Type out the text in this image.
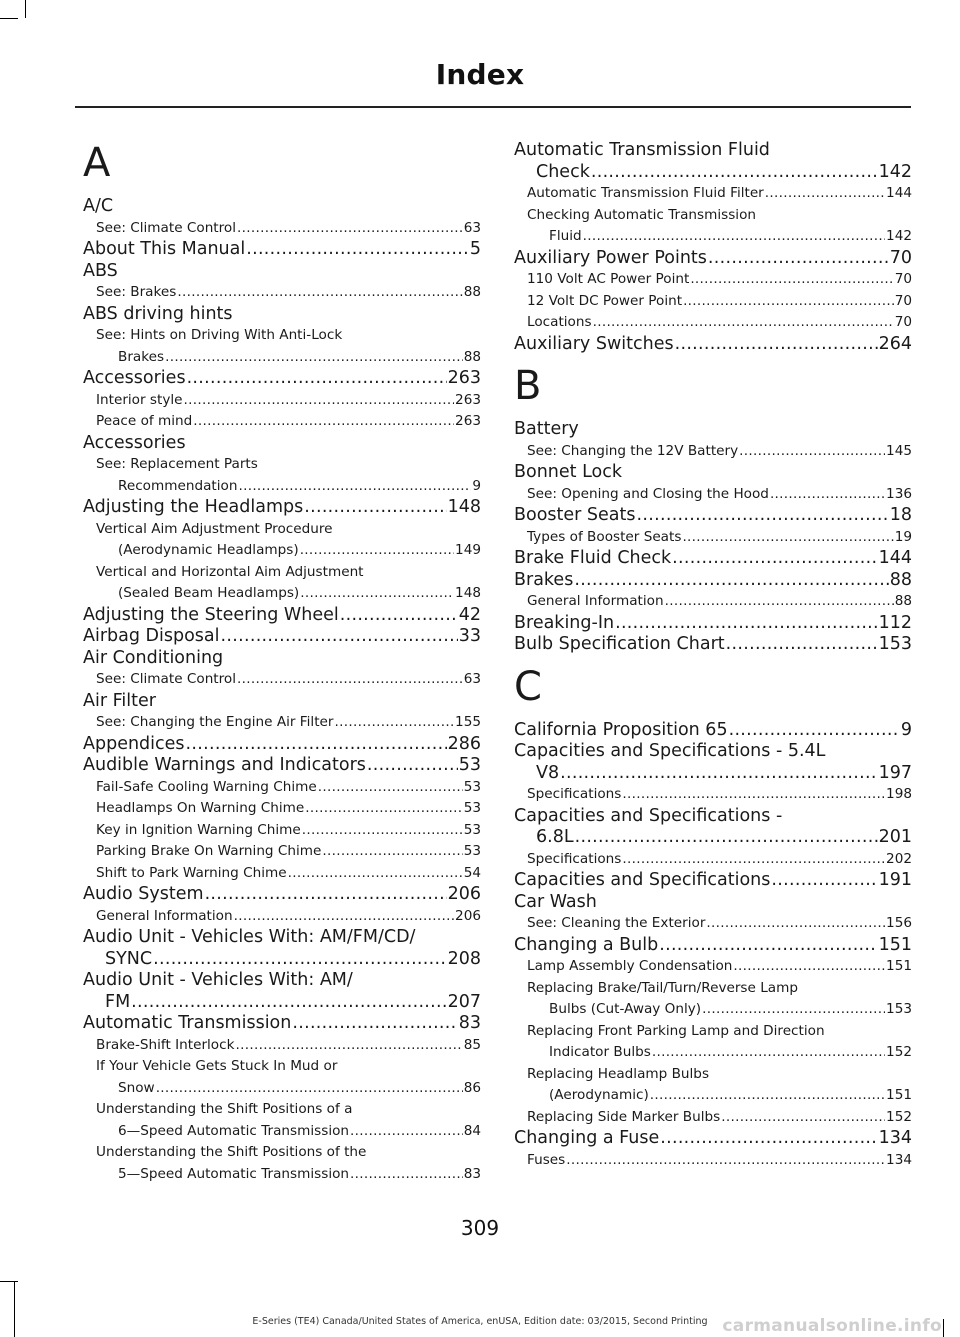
Index
A
A/C
See: Climate Control .....	63
About This Manual .....	5
ABS
See: Brakes .....	88
ABS driving hints
See: Hints on Driving With Anti-Lock
Brakes .....	88
Accessories .....	263
Interior style .....	263
Peace of mind .....	263
Accessories
See: Replacement Parts
Recommendation .....	9
Adjusting the Headlamps .....	148
Vertical Aim Adjustment Procedure
(Aerodynamic Headlamps) .....	149
Vertical and Horizontal Aim Adjustment
(Sealed Beam Headlamps) .....	148
Adjusting the Steering Wheel .....	42
Airbag Disposal .....	33
Air Conditioning
See: Climate Control .....	63
Air Filter
See: Changing the Engine Air Filter .....	155
Appendices .....	286
Audible Warnings and Indicators .....	53
Fail-Safe Cooling Warning Chime .....	53
Headlamps On Warning Chime .....	53
Key in Ignition Warning Chime .....	53
Parking Brake On Warning Chime .....	53
Shift to Park Warning Chime .....	54
Audio System .....	206
General Information .....	206
Audio Unit - Vehicles With: AM/FM/CD/
SYNC .....	208
Audio Unit - Vehicles With: AM/
FM .....	207
Automatic Transmission .....	83
Brake-Shift Interlock .....	85
If Your Vehicle Gets Stuck In Mud or
Snow .....	86
Understanding the Shift Positions of a
6—Speed Automatic Transmission .....	84
Understanding the Shift Positions of the
5—Speed Automatic Transmission .....	83
Automatic Transmission Fluid
Check .....	142
Automatic Transmission Fluid Filter .....	144
Checking Automatic Transmission
Fluid .....	142
Auxiliary Power Points .....	70
110 Volt AC Power Point .....	70
12 Volt DC Power Point .....	70
Locations .....	70
Auxiliary Switches .....	264
B
Battery
See: Changing the 12V Battery .....	145
Bonnet Lock
See: Opening and Closing the Hood .....	136
Booster Seats .....	18
Types of Booster Seats .....	19
Brake Fluid Check .....	144
Brakes .....	88
General Information .....	88
Breaking-In .....	112
Bulb Specification Chart .....	153
C
California Proposition 65 .....	9
Capacities and Specifications - 5.4L
V8 .....	197
Specifications .....	198
Capacities and Specifications -
6.8L .....	201
Specifications .....	202
Capacities and Specifications .....	191
Car Wash
See: Cleaning the Exterior .....	156
Changing a Bulb .....	151
Lamp Assembly Condensation .....	151
Replacing Brake/Tail/Turn/Reverse Lamp
Bulbs (Cut-Away Only) .....	153
Replacing Front Parking Lamp and Direction
Indicator Bulbs .....	152
Replacing Headlamp Bulbs
(Aerodynamic) .....	151
Replacing Side Marker Bulbs .....	152
Changing a Fuse .....	134
Fuses .....	134
309
E-Series (TE4) Canada/United States of America, enUSA, Edition date: 03/2015, Second Printing carmanualsonline.info
